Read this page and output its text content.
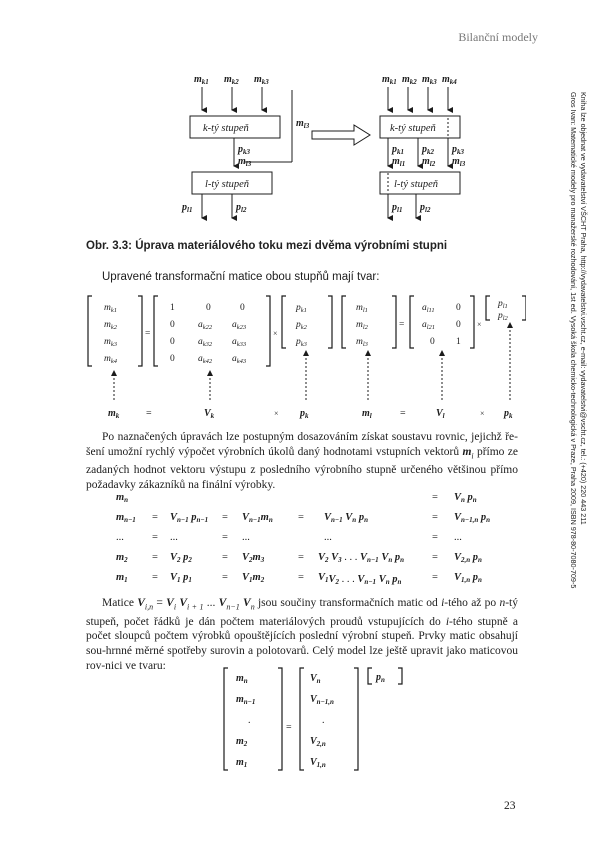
Bilanční modely
Gros Ivan: Matematické modely pro manažerské rozhodování, 1st ed. Vysoká škola chemicko-technologická v Praze, Praha 2009, ISBN 978-80-7080-709-5 Kniha lze objednat ve vydavatelství VŠCHT Praha, http://vydavatelstvi.vscht.cz, e-mail: vydavatelstvi@vscht.cz, tel.: (+420) 220 443 211
$m_{k1}$ $m_{k2}$ $m_{k3}$
k-tý stupeň	$m_{l3}$
$p_{k3}$
$m_{l3}$
l-tý stupeň
$p_{l1}$	$p_{l2}$
$m_{k1}$ $m_{k2}$ $m_{k3}$ $m_{k4}$
k-tý stupeň
$p_{k1}$ $p_{k2}$ $p_{k3}$
$m_{l1}$ $m_{l2}$ $m_{l3}$
l-tý stupeň
$p_{l1}$ $p_{l2}$
Obr. 3.3: Úprava materiálového toku mezi dvěma výrobními stupni
Upravené transformační matice obou stupňů mají tvar:
$m_{k1}$
$m_{k2}$
$m_{k3}$
$m_{k4}$
=
1	0	0
0 $a_{k22}$ $a_{k23}$
0 $a_{k32}$ $a_{k33}$
0 $a_{k42}$ $a_{k43}$
×
$p_{k1}$
$p_{k2}$
$p_{k3}$
$m_{l1}$
$m_{l2}$
$m_{l3}$
=
$a_{l11}$ 0
$a_{l21}$ 0
0 1
×
$p_{l1}$
$p_{l2}$
$m_k$	=	$V_k$	× $p_k$	$m_l$	=	$V_l$	× $p_k$
Po naznačených úpravách lze postupným dosazováním získat soustavu rovnic, jejichž ře-šení umožní rychlý výpočet výrobních úkolů daný hodnotami vstupních vektorů $m_i$ přímo ze zadaných hodnot vektoru výstupu z posledního výrobního stupně určeného většinou přímo požadavky zákazníků na finální výrobky.
mn	= Vn pn
mn−1 = Vn−1 pn−1 = Vn−1mn = Vn−1 Vn pn	= Vn−1,n pn
...	= ...	= ...	...	= ...
m2 = V2 p2	= V2m3	= V2 V3 . . . Vn−1 Vn pn	= V2,n pn
m1 = V1 p1	= V1m2	= V1V2 . . . Vn−1 Vn pn	= V1,n pn
Matice $V_{i,n} = V_i$ $V_{i + 1}$ ... $V_{n-1}$ $V_n$ jsou součiny transformačních matic od i-tého až po n-tý stupeň, počet řádků je dán počtem materiálových proudů vstupujících do i-tého stupně a počet sloupců počtem výrobků opouštějících poslední výrobní stupeň. Prvky matic obsahují sou-hrnné měrné spotřeby surovin a polotovarů. Celý model lze ještě upravit jako maticovou rov-nici ve tvaru:
$m_n$
$m_{n-1}$
.
$m_2$
$m_1$
=
$V_n$
$V_{n-1,n}$
.
$V_{2,n}$
$V_{1,n}$
$p_n$
23
